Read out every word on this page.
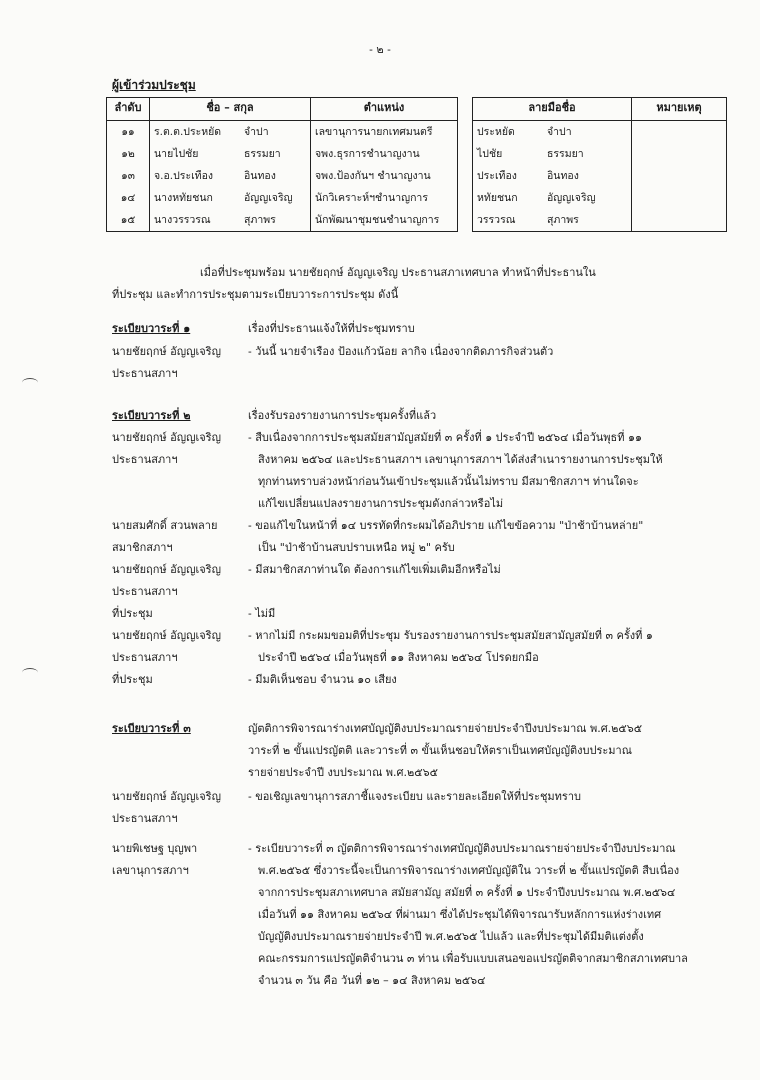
- ๒ -
ผู้เข้าร่วมประชุม
ลำดับ	ชื่อ – สกุล	ตำแหน่ง		ลายมือชื่อ	หมายเหตุ
๑๑	ร.ต.ต.ประหยัด จำปา	เลขานุการนายกเทศมนตรี		ประหยัด จำปา	
๑๒	นายไปชัย ธรรมยา	จพง.ธุรการชำนาญงาน		ไปชัย ธรรมยา	
๑๓	จ.อ.ประเทือง อินทอง	จพง.ป้องกันฯ ชำนาญงาน		ประเทือง อินทอง	
๑๔	นางหทัยชนก อัญญเจริญ	นักวิเคราะห์ฯชำนาญการ		หทัยชนก อัญญเจริญ	
๑๕	นางวรรวรณ สุภาพร	นักพัฒนาชุมชนชำนาญการ		วรรวรณ สุภาพร	
เมื่อที่ประชุมพร้อม นายชัยฤกษ์ อัญญเจริญ ประธานสภาเทศบาล ทำหน้าที่ประธานใน
ที่ประชุม และทำการประชุมตามระเบียบวาระการประชุม ดังนี้
ระเบียบวาระที่ ๑	เรื่องที่ประธานแจ้งให้ที่ประชุมทราบ
นายชัยฤกษ์ อัญญเจริญ	- วันนี้ นายจำเรือง ป้องแก้วน้อย ลากิจ เนื่องจากติดภารกิจส่วนตัว
ประธานสภาฯ
ระเบียบวาระที่ ๒	เรื่องรับรองรายงานการประชุมครั้งที่แล้ว
นายชัยฤกษ์ อัญญเจริญ
ประธานสภาฯ
- สืบเนื่องจากการประชุมสมัยสามัญสมัยที่ ๓ ครั้งที่ ๑ ประจำปี ๒๕๖๔ เมื่อวันพุธที่ ๑๑
สิงหาคม ๒๕๖๔ และประธานสภาฯ เลขานุการสภาฯ ได้ส่งสำเนารายงานการประชุมให้
ทุกท่านทราบล่วงหน้าก่อนวันเข้าประชุมแล้วนั้นไม่ทราบ มีสมาชิกสภาฯ ท่านใดจะ
แก้ไขเปลี่ยนแปลงรายงานการประชุมดังกล่าวหรือไม่
นายสมศักดิ์ สวนพลาย
สมาชิกสภาฯ
- ขอแก้ไขในหน้าที่ ๑๔ บรรทัดที่กระผมได้อภิปราย แก้ไขข้อความ "ป่าช้าบ้านหล่าย"
เป็น "ป่าช้าบ้านสบปราบเหนือ หมู่ ๒" ครับ
นายชัยฤกษ์ อัญญเจริญ
ประธานสภาฯ
- มีสมาชิกสภาท่านใด ต้องการแก้ไขเพิ่มเติมอีกหรือไม่
ที่ประชุม	- ไม่มี
นายชัยฤกษ์ อัญญเจริญ
ประธานสภาฯ
- หากไม่มี กระผมขอมติที่ประชุม รับรองรายงานการประชุมสมัยสามัญสมัยที่ ๓ ครั้งที่ ๑
ประจำปี ๒๕๖๔ เมื่อวันพุธที่ ๑๑ สิงหาคม ๒๕๖๔ โปรดยกมือ
ที่ประชุม	- มีมติเห็นชอบ จำนวน ๑๐ เสียง
ระเบียบวาระที่ ๓	ญัตติการพิจารณาร่างเทศบัญญัติงบประมาณรายจ่ายประจำปีงบประมาณ พ.ศ.๒๕๖๕
วาระที่ ๒ ขั้นแปรญัตติ และวาระที่ ๓ ขั้นเห็นชอบให้ตราเป็นเทศบัญญัติงบประมาณ
รายจ่ายประจำปี งบประมาณ พ.ศ.๒๕๖๕
นายชัยฤกษ์ อัญญเจริญ
ประธานสภาฯ
- ขอเชิญเลขานุการสภาชี้แจงระเบียบ และรายละเอียดให้ที่ประชุมทราบ
นายพิเชษฐ บุญพา
เลขานุการสภาฯ
- ระเบียบวาระที่ ๓ ญัตติการพิจารณาร่างเทศบัญญัติงบประมาณรายจ่ายประจำปีงบประมาณ
พ.ศ.๒๕๖๕ ซึ่งวาระนี้จะเป็นการพิจารณาร่างเทศบัญญัติใน วาระที่ ๒ ขั้นแปรญัตติ สืบเนื่อง
จากการประชุมสภาเทศบาล สมัยสามัญ สมัยที่ ๓ ครั้งที่ ๑ ประจำปีงบประมาณ พ.ศ.๒๕๖๔
เมื่อวันที่ ๑๑ สิงหาคม ๒๕๖๔ ที่ผ่านมา ซึ่งได้ประชุมได้พิจารณารับหลักการแห่งร่างเทศ
บัญญัติงบประมาณรายจ่ายประจำปี พ.ศ.๒๕๖๕ ไปแล้ว และที่ประชุมได้มีมติแต่งตั้ง
คณะกรรมการแปรญัตติจำนวน ๓ ท่าน เพื่อรับแบบเสนอขอแปรญัตติจากสมาชิกสภาเทศบาล
จำนวน ๓ วัน คือ วันที่ ๑๒ – ๑๔ สิงหาคม ๒๕๖๔
